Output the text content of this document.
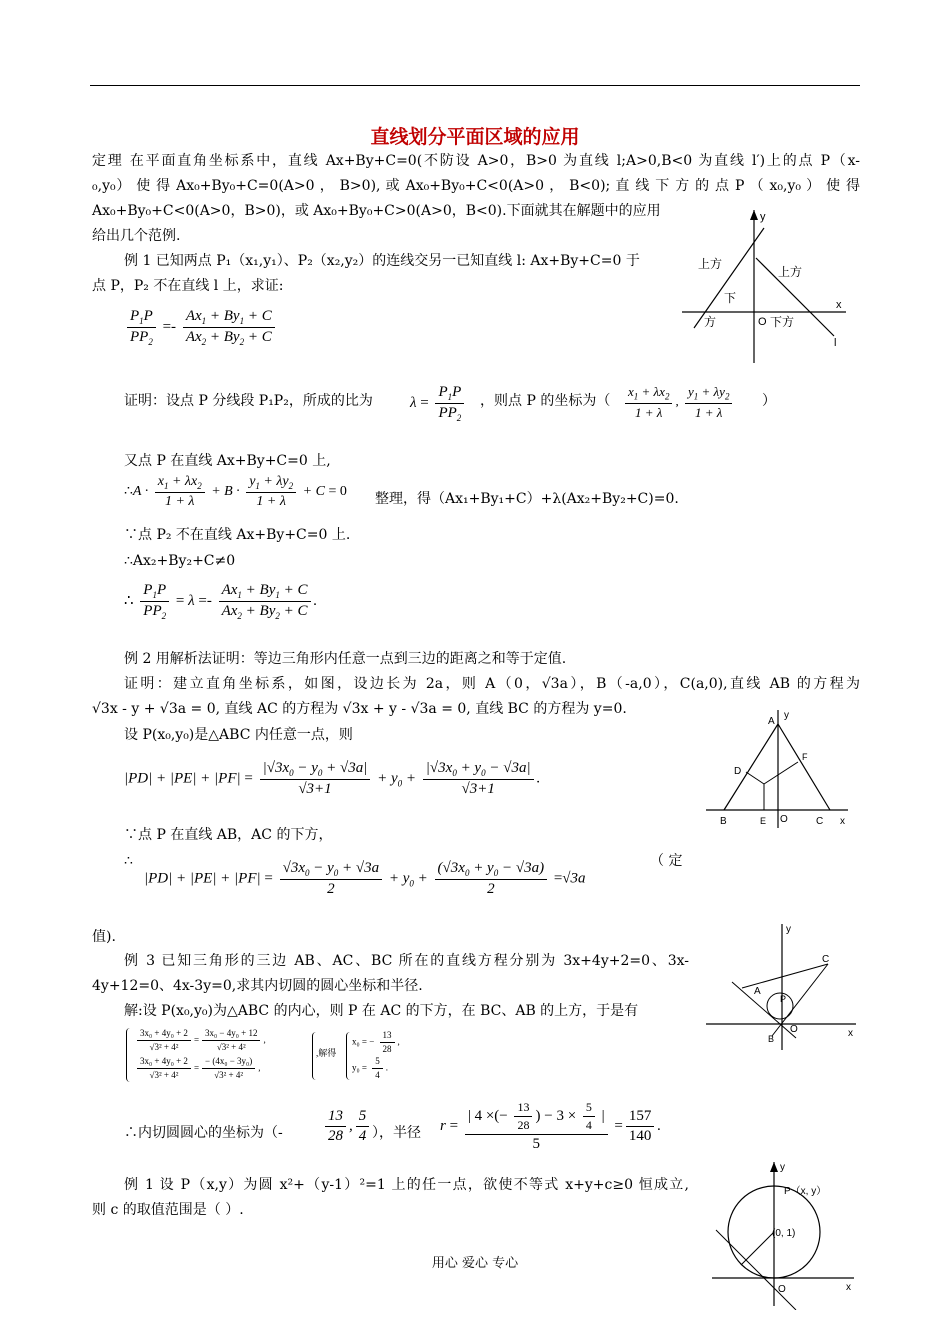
直线划分平面区域的应用
定理 在平面直角坐标系中，直线 Ax+By+C=0(不防设 A>0，B>0 为直线 l;A>0,B<0 为直线 l′)上的点 P（x-
₀,y₀） 使 得 Ax₀+By₀+C=0(A>0 ， B>0), 或 Ax₀+By₀+C<0(A>0 ， B<0); 直 线 下 方 的 点 P （ x₀,y₀ ） 使 得
Ax₀+By₀+C<0(A>0，B>0)，或 Ax₀+By₀+C>0(A>0，B<0).下面就其在解题中的应用
给出几个范例.
上方
上方
下
方	O 下方
x
y
l
例 1 已知两点 P₁（x₁,y₁）、P₂（x₂,y₂）的连线交另一已知直线 l: Ax+By+C=0 于
点 P，P₂ 不在直线 l 上，求证:
$\frac{P_1P}{PP_2} =- \frac{Ax_1 + By_1 + C}{Ax_2 + By_2 + C}$
证明：设点 P 分线段 P₁P₂，所成的比为 $\lambda = \frac{P_1P}{PP_2}$ ，则点 P 的坐标为（ $\frac{x_1 + \lambda x_2}{1 + \lambda}$ , $\frac{y_1 + \lambda y_2}{1 + \lambda}$ ）
又点 P 在直线 Ax+By+C=0 上,
∴A · $\frac{x_1 + \lambda x_2}{1 + \lambda} + B \cdot \frac{y_1 + \lambda y_2}{1 + \lambda} + C = 0$ 整理，得（Ax₁+By₁+C）+λ(Ax₂+By₂+C)=0.
∵点 P₂ 不在直线 Ax+By+C=0 上.
∴Ax₂+By₂+C≠0
∴ $\frac{P_1P}{PP_2} = \lambda =- \frac{Ax_1 + By_1 + C}{Ax_2 + By_2 + C}$ .
例 2 用解析法证明：等边三角形内任意一点到三边的距离之和等于定值.
证明：建立直角坐标系，如图，设边长为 2a，则 A（0，√3a），B（-a,0），C(a,0),直线 AB 的方程为
√3x - y + √3a = 0, 直线 AC 的方程为 √3x + y - √3a = 0, 直线 BC 的方程为 y=0.
设 P(x₀,y₀)是△ABC 内任意一点，则
$|PD| + |PE| + |PF| = \frac{|√3x_0 - y_0 + √3a|}{√3+1} + y_0 + \frac{|√3x_0 + y_0 - √3a|}{√3+1}$ .
∵点 P 在直线 AB，AC 的下方，
∴
$|PD| + |PE| + |PF| = \frac{√3x_0 - y_0 + √3a}{2} + y_0 + \frac{(√3x_0 + y_0 - √3a)}{2} =√3a$
（ 定
值).
A
y
D
F
B	E O	C x
例 3 已知三角形的三边 AB、AC、BC 所在的直线方程分别为 3x+4y+2=0、3x-
4y+12=0、4x-3y=0,求其内切圆的圆心坐标和半径.
解:设 P(x₀,y₀)为△ABC 的内心，则 P 在 AC 的下方，在 BC、AB 的上方，于是有
$\frac{\text{3x₀ + 4y₀ + 2}}{\text{√3² + 4²}} = \frac{\text{3x₀ − 4y₀ + 12}}{\text{√3² + 4²}}$ ,
$\frac{\text{3x₀ + 4y₀ + 2}}{\text{√3² + 4²}} = \frac{\text{− (4x₀ − 3y₀)}}{\text{√3² + 4²}}$ ,
,解得
x₀ = − $\frac{13}{28}$ ,
$y_0 = \frac{5}{4}$ .
∴内切圆圆心的坐标为（-	$\frac{13}{28}$ , $\frac{5}{4}$ ），半径 $r = \frac{| 4 \times(- \frac{13}{28} ) - 3 \times \frac{5}{4} |}{5} = \frac{157}{140}$ .
y
C
A
P
O
B	x
例 1 设 P（x,y）为圆 x²+（y-1）²=1 上的任一点，欲使不等式 x+y+c≥0 恒成立,
则 c 的取值范围是（ ）.
y
P（x, y）
(0, 1)
O	x
用心 爱心 专心
